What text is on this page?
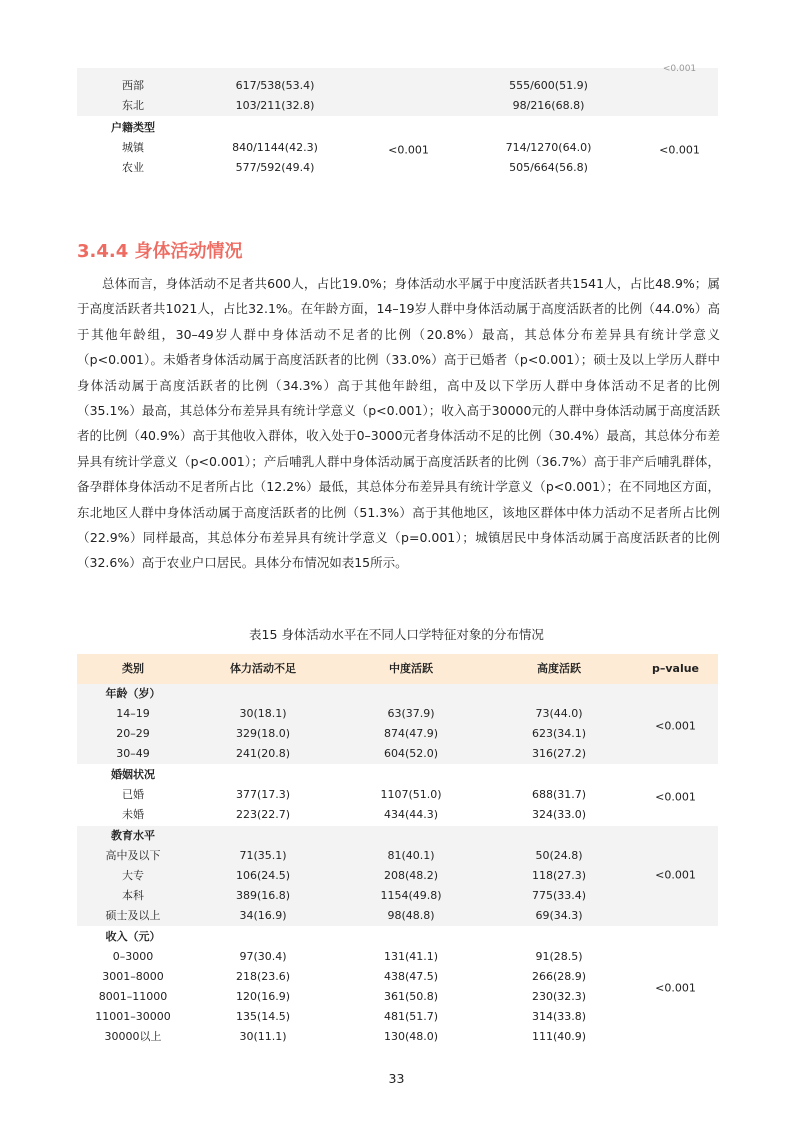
西部	617/538(53.4)	555/600(51.9)
东北	103/211(32.8)	98/216(68.8)
<0.001
户籍类型
城镇	840/1144(42.3)	714/1270(64.0)
农业	577/592(49.4)	505/664(56.8)
<0.001	<0.001
3.4.4 身体活动情况

总体而言，身体活动不足者共600人，占比19.0%；身体活动水平属于中度活跃者共1541人，占比48.9%；属于高度活跃者共1021人，占比32.1%。在年龄方面，14–19岁人群中身体活动属于高度活跃者的比例（44.0%）高于其他年龄组，30–49岁人群中身体活动不足者的比例（20.8%）最高，其总体分布差异具有统计学意义（p<0.001）。未婚者身体活动属于高度活跃者的比例（33.0%）高于已婚者（p<0.001）；硕士及以上学历人群中身体活动属于高度活跃者的比例（34.3%）高于其他年龄组，高中及以下学历人群中身体活动不足者的比例（35.1%）最高，其总体分布差异具有统计学意义（p<0.001）；收入高于30000元的人群中身体活动属于高度活跃者的比例（40.9%）高于其他收入群体，收入处于0–3000元者身体活动不足的比例（30.4%）最高，其总体分布差异具有统计学意义（p<0.001）；产后哺乳人群中身体活动属于高度活跃者的比例（36.7%）高于非产后哺乳群体，备孕群体身体活动不足者所占比（12.2%）最低，其总体分布差异具有统计学意义（p<0.001）；在不同地区方面，东北地区人群中身体活动属于高度活跃者的比例（51.3%）高于其他地区，该地区群体中体力活动不足者所占比例（22.9%）同样最高，其总体分布差异具有统计学意义（p=0.001）；城镇居民中身体活动属于高度活跃者的比例（32.6%）高于农业户口居民。具体分布情况如表15所示。

表15 身体活动水平在不同人口学特征对象的分布情况
类别	体力活动不足	中度活跃	高度活跃	p–value
年龄（岁）
14–19	30(18.1)	63(37.9)	73(44.0)
20–29	329(18.0)	874(47.9)	623(34.1)
30–49	241(20.8)	604(52.0)	316(27.2)
<0.001
婚姻状况
已婚	377(17.3)	1107(51.0)	688(31.7)
未婚	223(22.7)	434(44.3)	324(33.0)
<0.001
教育水平
高中及以下	71(35.1)	81(40.1)	50(24.8)
大专	106(24.5)	208(48.2)	118(27.3)
本科	389(16.8)	1154(49.8)	775(33.4)
硕士及以上	34(16.9)	98(48.8)	69(34.3)
<0.001
收入（元）
0–3000	97(30.4)	131(41.1)	91(28.5)
3001–8000	218(23.6)	438(47.5)	266(28.9)
8001–11000	120(16.9)	361(50.8)	230(32.3)
11001–30000	135(14.5)	481(51.7)	314(33.8)
30000以上	30(11.1)	130(48.0)	111(40.9)
<0.001
33
